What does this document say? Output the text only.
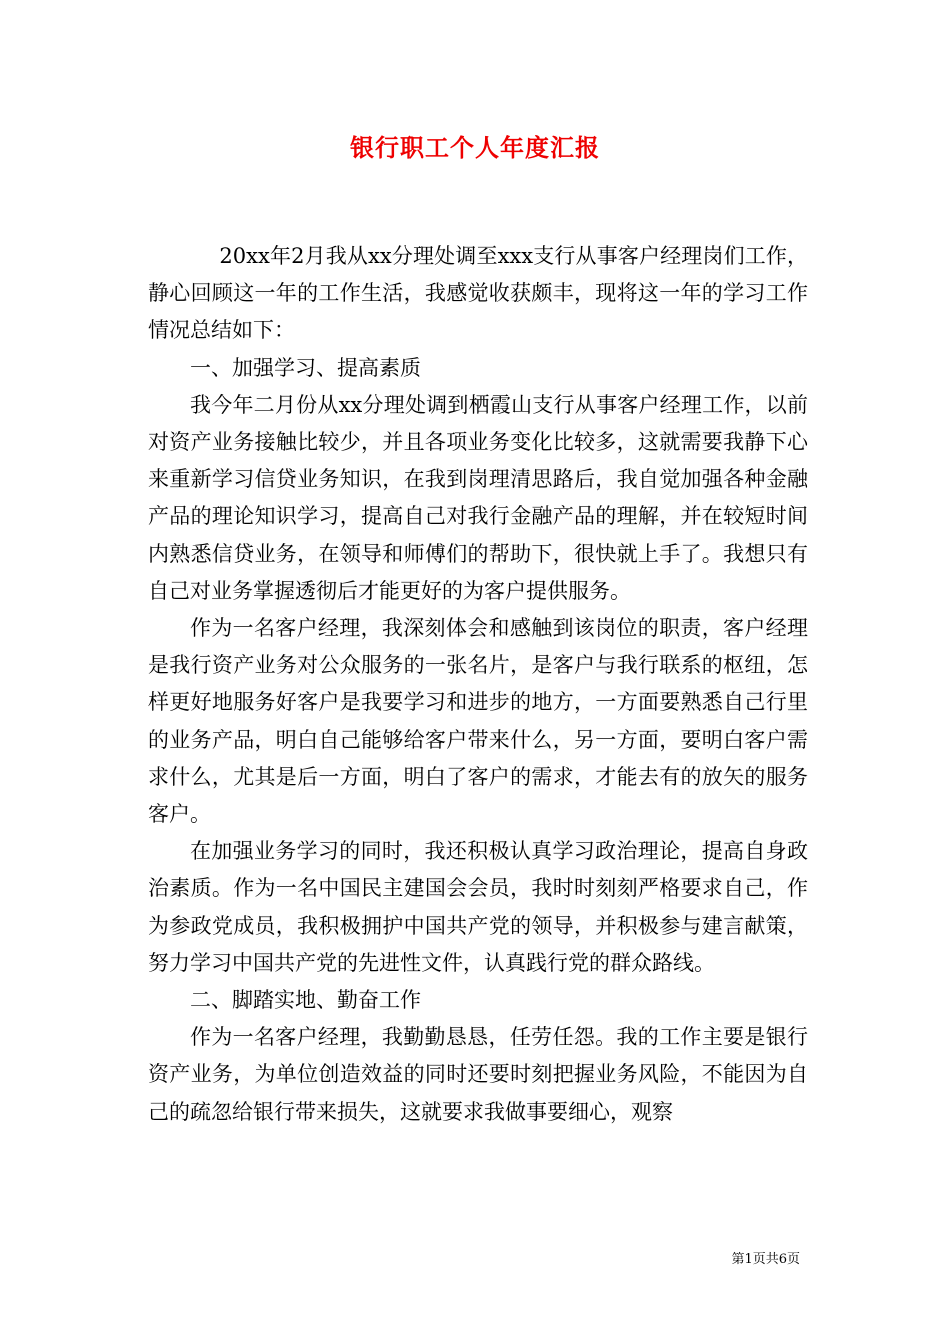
银行职工个人年度汇报

20xx年2月我从xx分理处调至xxx支行从事客户经理岗们工作，静心回顾这一年的工作生活，我感觉收获颇丰，现将这一年的学习工作情况总结如下：

一、加强学习、提高素质

我今年二月份从xx分理处调到栖霞山支行从事客户经理工作，以前对资产业务接触比较少，并且各项业务变化比较多，这就需要我静下心来重新学习信贷业务知识，在我到岗理清思路后，我自觉加强各种金融产品的理论知识学习，提高自己对我行金融产品的理解，并在较短时间内熟悉信贷业务，在领导和师傅们的帮助下，很快就上手了。我想只有自己对业务掌握透彻后才能更好的为客户提供服务。

作为一名客户经理，我深刻体会和感触到该岗位的职责，客户经理是我行资产业务对公众服务的一张名片，是客户与我行联系的枢纽，怎样更好地服务好客户是我要学习和进步的地方，一方面要熟悉自己行里的业务产品，明白自己能够给客户带来什么，另一方面，要明白客户需求什么，尤其是后一方面，明白了客户的需求，才能去有的放矢的服务客户。

在加强业务学习的同时，我还积极认真学习政治理论，提高自身政治素质。作为一名中国民主建国会会员，我时时刻刻严格要求自己，作为参政党成员，我积极拥护中国共产党的领导，并积极参与建言献策，努力学习中国共产党的先进性文件，认真践行党的群众路线。

二、脚踏实地、勤奋工作

作为一名客户经理，我勤勤恳恳，任劳任怨。我的工作主要是银行资产业务，为单位创造效益的同时还要时刻把握业务风险，不能因为自己的疏忽给银行带来损失，这就要求我做事要细心，观察

第1页共6页
